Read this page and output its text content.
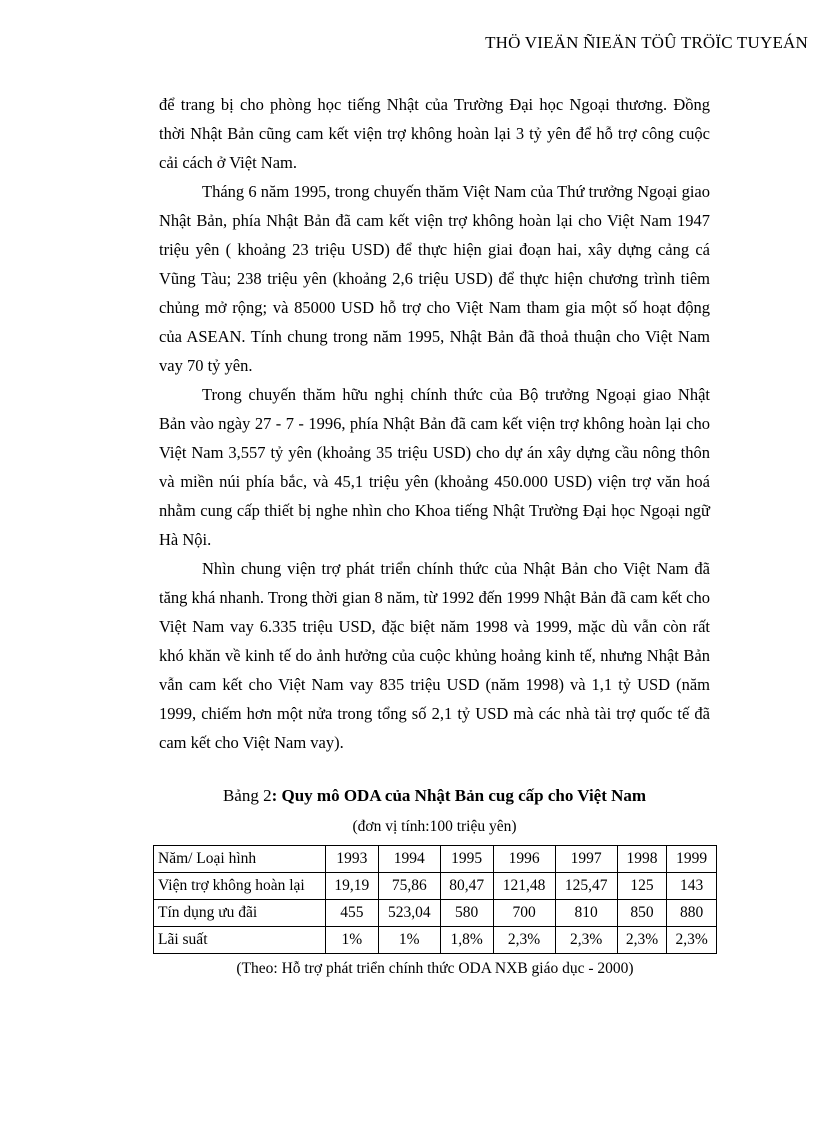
THÖ VIEÄN ÑIEÄN TÖÛ TRÖÏC TUYEÁN

để trang bị cho phòng học tiếng Nhật của Trường Đại học Ngoại thương. Đồng thời Nhật Bản cũng cam kết viện trợ không hoàn lại 3 tỷ yên để hỗ trợ công cuộc cải cách ở Việt Nam.

Tháng 6 năm 1995, trong chuyến thăm Việt Nam của Thứ trưởng Ngoại giao Nhật Bản, phía Nhật Bản đã cam kết viện trợ không hoàn lại cho Việt Nam 1947 triệu yên ( khoảng 23 triệu USD) để thực hiện giai đoạn hai, xây dựng cảng cá Vũng Tàu; 238 triệu yên (khoảng 2,6 triệu USD) để thực hiện chương trình tiêm chủng mở rộng; và 85000 USD hỗ trợ cho Việt Nam tham gia một số hoạt động của ASEAN. Tính chung trong năm 1995, Nhật Bản đã thoả thuận cho Việt Nam vay 70 tỷ yên.

Trong chuyến thăm hữu nghị chính thức của Bộ trưởng Ngoại giao Nhật Bản vào ngày 27 - 7 - 1996, phía Nhật Bản đã cam kết viện trợ không hoàn lại cho Việt Nam 3,557 tỷ yên (khoảng 35 triệu USD) cho dự án xây dựng cầu nông thôn và miền núi phía bắc, và 45,1 triệu yên (khoảng 450.000 USD) viện trợ văn hoá nhằm cung cấp thiết bị nghe nhìn cho Khoa tiếng Nhật Trường Đại học Ngoại ngữ Hà Nội.

Nhìn chung viện trợ phát triển chính thức của Nhật Bản cho Việt Nam đã tăng khá nhanh. Trong thời gian 8 năm, từ 1992 đến 1999 Nhật Bản đã cam kết cho Việt Nam vay 6.335 triệu USD, đặc biệt năm 1998 và 1999, mặc dù vẫn còn rất khó khăn về kinh tế do ảnh hưởng của cuộc khủng hoảng kinh tế, nhưng Nhật Bản vẫn cam kết cho Việt Nam vay 835 triệu USD (năm 1998) và 1,1 tỷ USD (năm 1999, chiếm hơn một nửa trong tổng số 2,1 tỷ USD mà các nhà tài trợ quốc tế đã cam kết cho Việt Nam vay).

Bảng 2: Quy mô ODA của Nhật Bản cug cấp cho Việt Nam
(đơn vị tính:100 triệu yên)
Năm/ Loại hình	1993	1994	1995	1996	1997	1998	1999
Viện trợ không hoàn lại	19,19	75,86	80,47	121,48	125,47	125	143
Tín dụng ưu đãi	455	523,04	580	700	810	850	880
Lãi suất	1%	1%	1,8%	2,3%	2,3%	2,3%	2,3%
(Theo: Hỗ trợ phát triển chính thức ODA NXB giáo dục - 2000)
